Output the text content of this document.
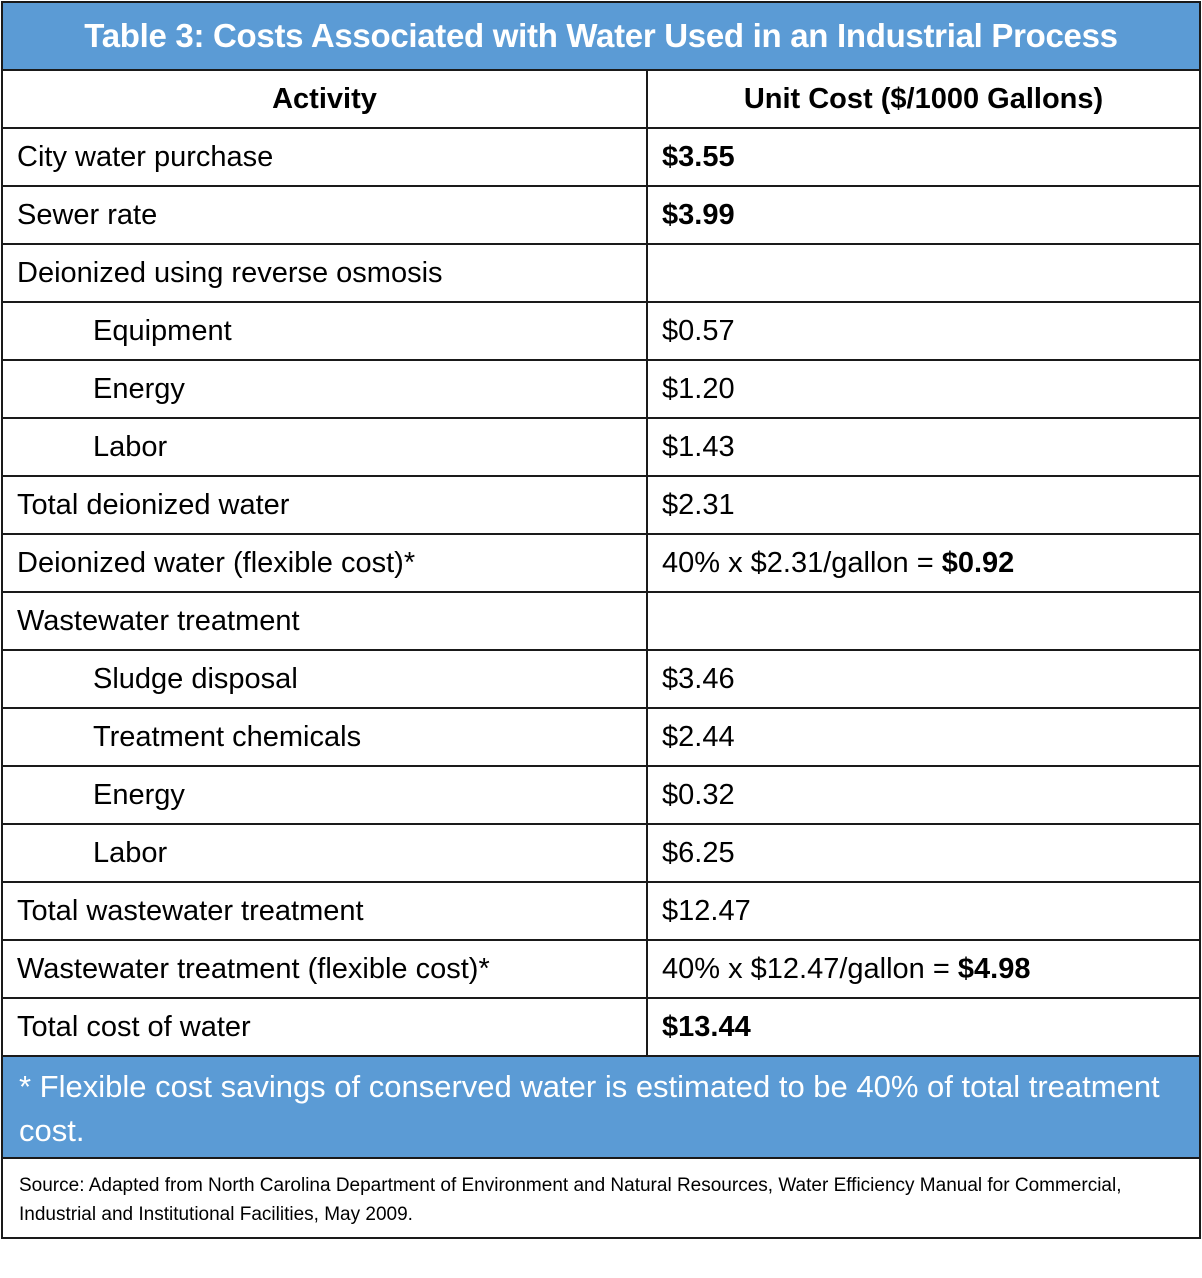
Table 3: Costs Associated with Water Used in an Industrial Process
Activity	Unit Cost ($/1000 Gallons)
City water purchase	$3.55
Sewer rate	$3.99
Deionized using reverse osmosis	
Equipment	$0.57
Energy	$1.20
Labor	$1.43
Total deionized water	$2.31
Deionized water (flexible cost)*	40% x $2.31/gallon = $0.92
Wastewater treatment	
Sludge disposal	$3.46
Treatment chemicals	$2.44
Energy	$0.32
Labor	$6.25
Total wastewater treatment	$12.47
Wastewater treatment (flexible cost)*	40% x $12.47/gallon = $4.98
Total cost of water	$13.44
* Flexible cost savings of conserved water is estimated to be 40% of total treatment cost.
Source: Adapted from North Carolina Department of Environment and Natural Resources, Water Efficiency Manual for Commercial, Industrial and Institutional Facilities, May 2009.
